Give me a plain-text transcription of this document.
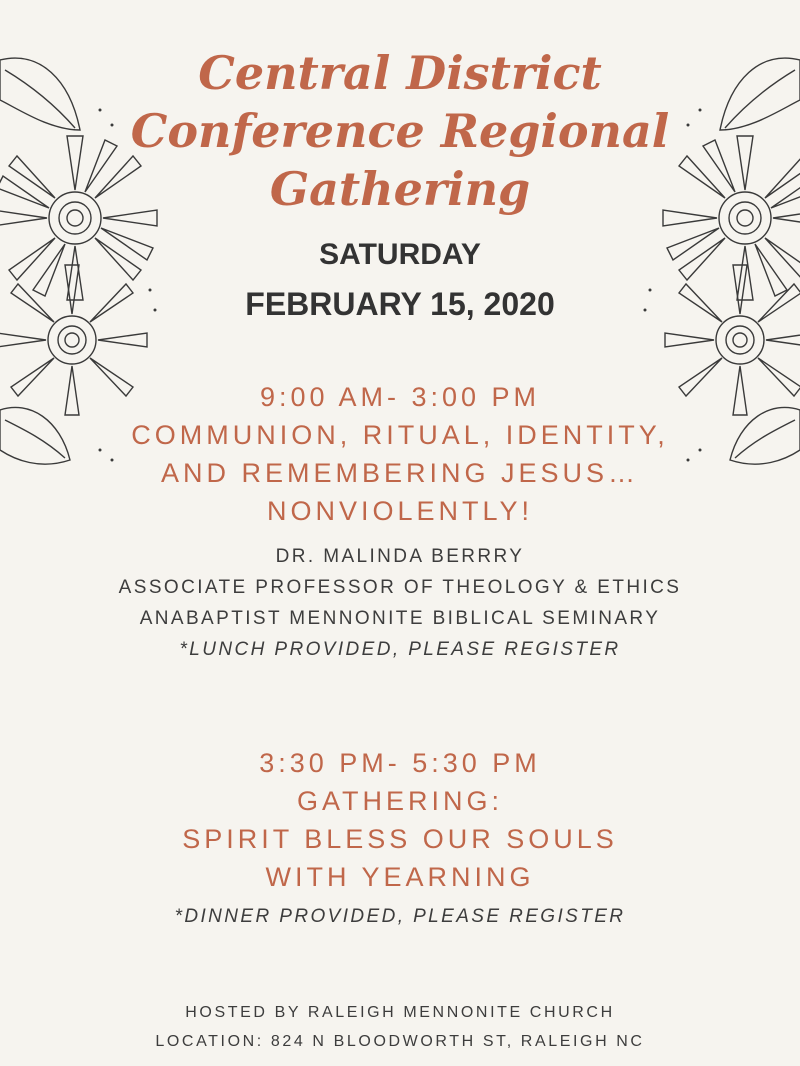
Central District
Conference Regional
Gathering
SATURDAY
FEBRUARY 15, 2020
9:00 AM- 3:00 PM
COMMUNION, RITUAL, IDENTITY,
AND REMEMBERING JESUS…
NONVIOLENTLY!
DR. MALINDA BERRRY
ASSOCIATE PROFESSOR OF THEOLOGY & ETHICS
ANABAPTIST MENNONITE BIBLICAL SEMINARY
*LUNCH PROVIDED, PLEASE REGISTER
3:30 PM- 5:30 PM
GATHERING:
SPIRIT BLESS OUR SOULS
WITH YEARNING
*DINNER PROVIDED, PLEASE REGISTER
HOSTED BY RALEIGH MENNONITE CHURCH
LOCATION: 824 N BLOODWORTH ST, RALEIGH NC
